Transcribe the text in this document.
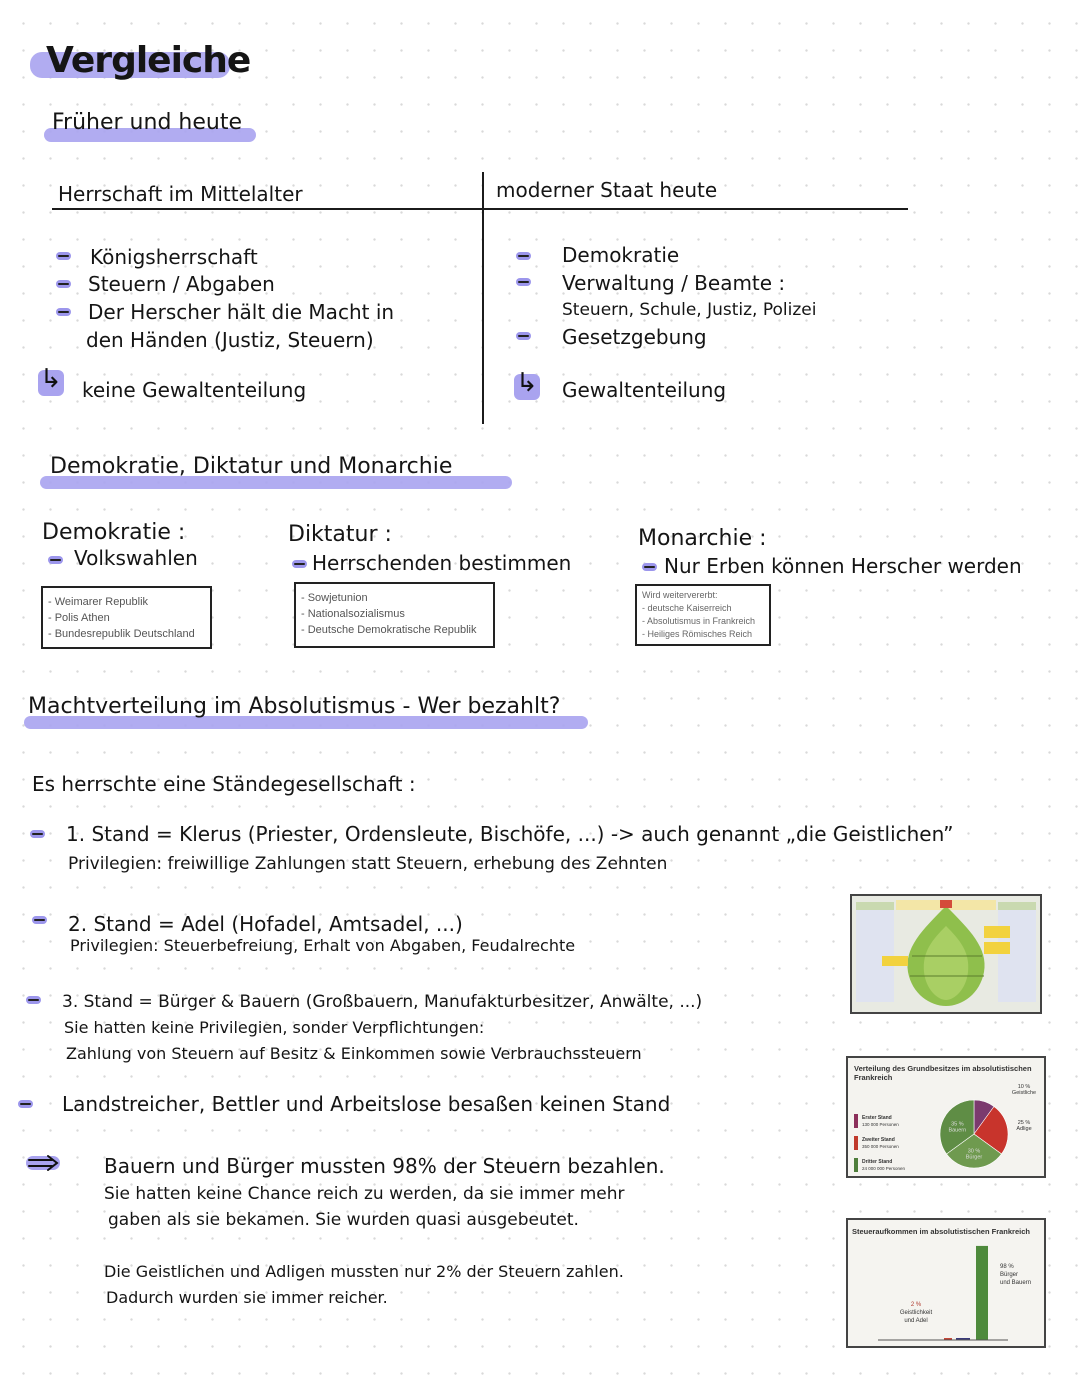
Vergleiche
Früher und heute
Herrschaft im Mittelalter	moderner Staat heute
Königsherrschaft
Steuern / Abgaben
Der Herscher hält die Macht in
den Händen (Justiz, Steuern)
↳ keine Gewaltenteilung
Demokratie
Verwaltung / Beamte :
Steuern, Schule, Justiz, Polizei
Gesetzgebung
↳ Gewaltenteilung
Demokratie, Diktatur und Monarchie
Demokratie :
Volkswahlen
- Weimarer Republik
- Polis Athen
- Bundesrepublik Deutschland
Diktatur :
Herrschenden bestimmen
- Sowjetunion
- Nationalsozialismus
- Deutsche Demokratische Republik
Monarchie :
Nur Erben können Herscher werden
Wird weitervererbt:
- deutsche Kaiserreich
- Absolutismus in Frankreich
- Heiliges Römisches Reich
Machtverteilung im Absolutismus - Wer bezahlt?
Es herrschte eine Ständegesellschaft :
1. Stand = Klerus (Priester, Ordensleute, Bischöfe, ...) -> auch genannt „die Geistlichen”
Privilegien: freiwillige Zahlungen statt Steuern, erhebung des Zehnten
2. Stand = Adel (Hofadel, Amtsadel, ...)
Privilegien: Steuerbefreiung, Erhalt von Abgaben, Feudalrechte
3. Stand = Bürger & Bauern (Großbauern, Manufakturbesitzer, Anwälte, ...)
Sie hatten keine Privilegien, sonder Verpflichtungen:
Zahlung von Steuern auf Besitz & Einkommen sowie Verbrauchssteuern
Landstreicher, Bettler und Arbeitslose besaßen keinen Stand
Bauern und Bürger mussten 98% der Steuern bezahlen.
Sie hatten keine Chance reich zu werden, da sie immer mehr
gaben als sie bekamen. Sie wurden quasi ausgebeutet.
Die Geistlichen und Adligen mussten nur 2% der Steuern zahlen.
Dadurch wurden sie immer reicher.
Verteilung des Grundbesitzes im absolutistischen Frankreich
Erster Stand
130 000 Personen
Zweiter Stand
350 000 Personen
Dritter Stand
24 000 000 Personen
10 %
Geistliche
25 %
Adlige
30 %
Bürger
35 %
Bauern
Steueraufkommen im absolutistischen Frankreich
98 %
Bürger
und Bauern
2 %
Geistlichkeit
und Adel
